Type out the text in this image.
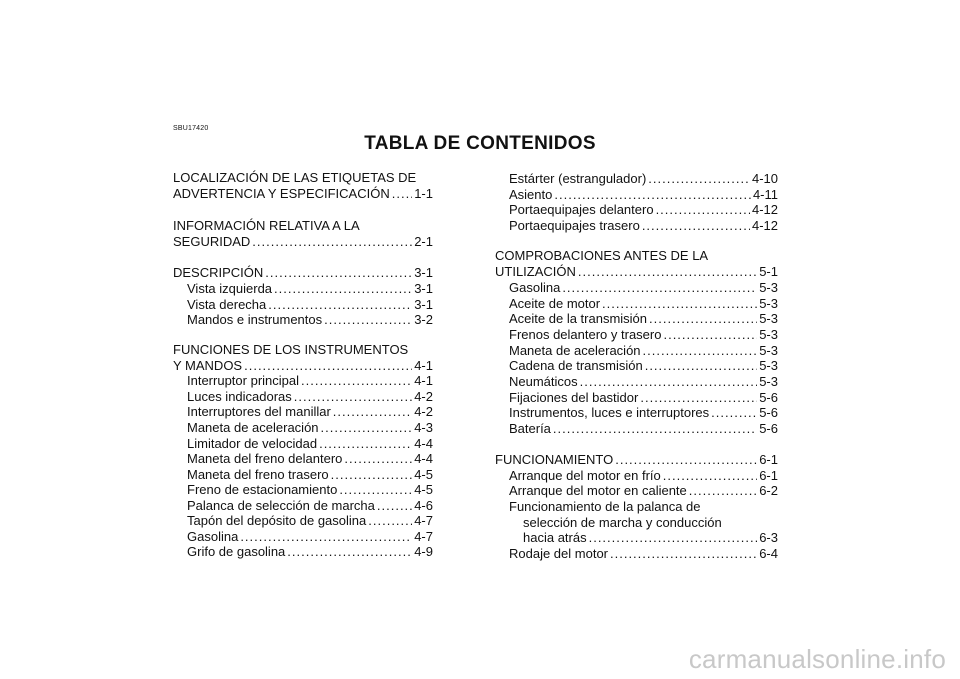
SBU17420
TABLA DE CONTENIDOS
LOCALIZACIÓN DE LAS ETIQUETAS DE
ADVERTENCIA Y ESPECIFICACIÓN ..... 1-1
INFORMACIÓN RELATIVA A LA
SEGURIDAD .....	2-1
DESCRIPCIÓN .....	3-1
Vista izquierda .....	3-1
Vista derecha .....	3-1
Mandos e instrumentos .....	3-2
FUNCIONES DE LOS INSTRUMENTOS
Y MANDOS .....	4-1
Interruptor principal .....	4-1
Luces indicadoras .....	4-2
Interruptores del manillar .....	4-2
Maneta de aceleración .....	4-3
Limitador de velocidad .....	4-4
Maneta del freno delantero .....	4-4
Maneta del freno trasero .....	4-5
Freno de estacionamiento .....	4-5
Palanca de selección de marcha .....	4-6
Tapón del depósito de gasolina .....	4-7
Gasolina .....	4-7
Grifo de gasolina .....	4-9
Estárter (estrangulador) .....	4-10
Asiento .....	4-11
Portaequipajes delantero .....	4-12
Portaequipajes trasero .....	4-12
COMPROBACIONES ANTES DE LA
UTILIZACIÓN .....	5-1
Gasolina .....	5-3
Aceite de motor .....	5-3
Aceite de la transmisión .....	5-3
Frenos delantero y trasero .....	5-3
Maneta de aceleración .....	5-3
Cadena de transmisión .....	5-3
Neumáticos .....	5-3
Fijaciones del bastidor .....	5-6
Instrumentos, luces e interruptores .....	5-6
Batería .....	5-6
FUNCIONAMIENTO .....	6-1
Arranque del motor en frío .....	6-1
Arranque del motor en caliente .....	6-2
Funcionamiento de la palanca de
selección de marcha y conducción
hacia atrás .....	6-3
Rodaje del motor .....	6-4
carmanualsonline.info
